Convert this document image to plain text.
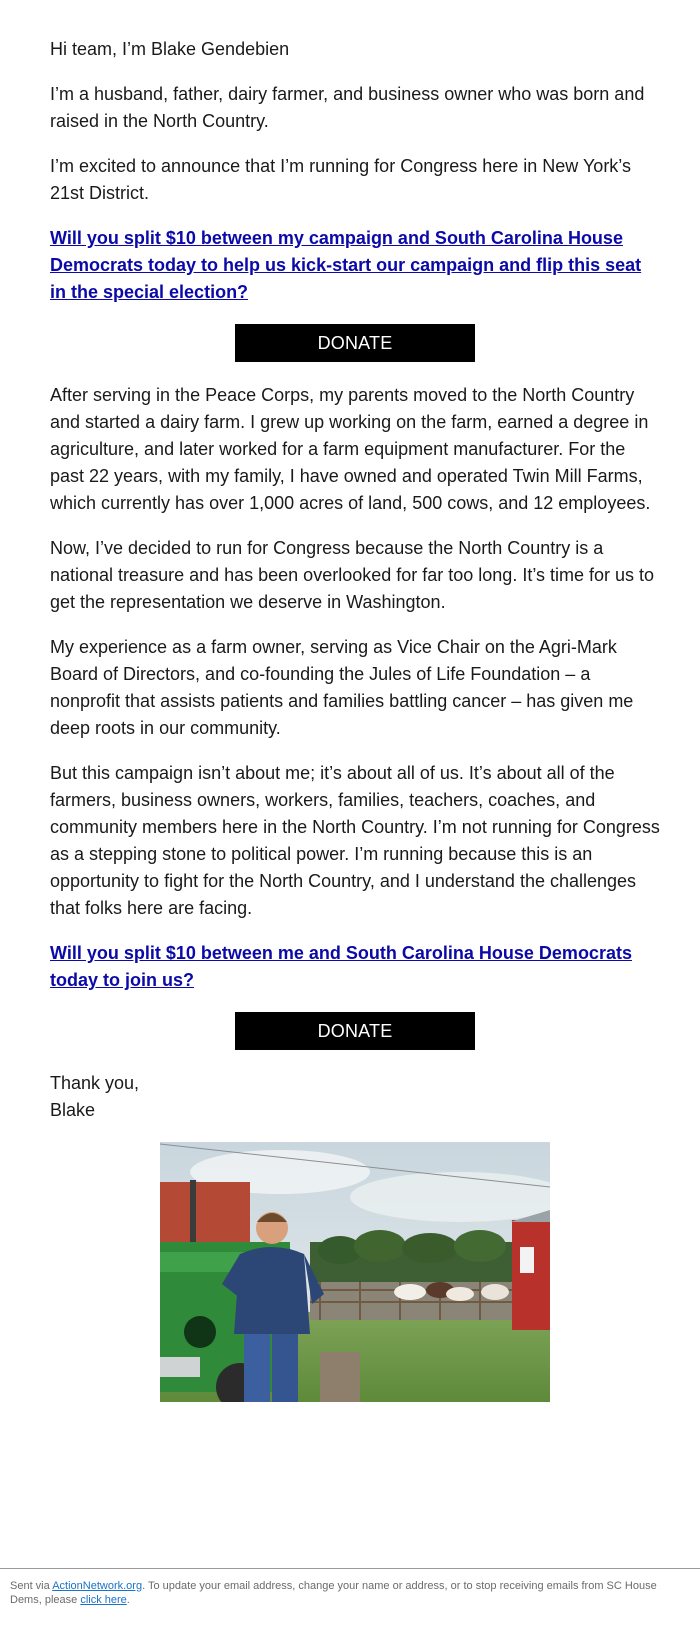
Hi team, I’m Blake Gendebien

I’m a husband, father, dairy farmer, and business owner who was born and raised in the North Country.

I’m excited to announce that I’m running for Congress here in New York’s 21st District.

Will you split $10 between my campaign and South Carolina House Democrats today to help us kick-start our campaign and flip this seat in the special election?
DONATE

After serving in the Peace Corps, my parents moved to the North Country and started a dairy farm. I grew up working on the farm, earned a degree in agriculture, and later worked for a farm equipment manufacturer. For the past 22 years, with my family, I have owned and operated Twin Mill Farms, which currently has over 1,000 acres of land, 500 cows, and 12 employees.

Now, I’ve decided to run for Congress because the North Country is a national treasure and has been overlooked for far too long. It’s time for us to get the representation we deserve in Washington.

My experience as a farm owner, serving as Vice Chair on the Agri-Mark Board of Directors, and co-founding the Jules of Life Foundation – a nonprofit that assists patients and families battling cancer – has given me deep roots in our community.

But this campaign isn’t about me; it’s about all of us. It’s about all of the farmers, business owners, workers, families, teachers, coaches, and community members here in the North Country. I’m not running for Congress as a stepping stone to political power. I’m running because this is an opportunity to fight for the North Country, and I understand the challenges that folks here are facing.

Will you split $10 between me and South Carolina House Democrats today to join us?
DONATE
Thank you,
Blake
Sent via ActionNetwork.org. To update your email address, change your name or address, or to stop receiving emails from SC House Dems, please click here.
